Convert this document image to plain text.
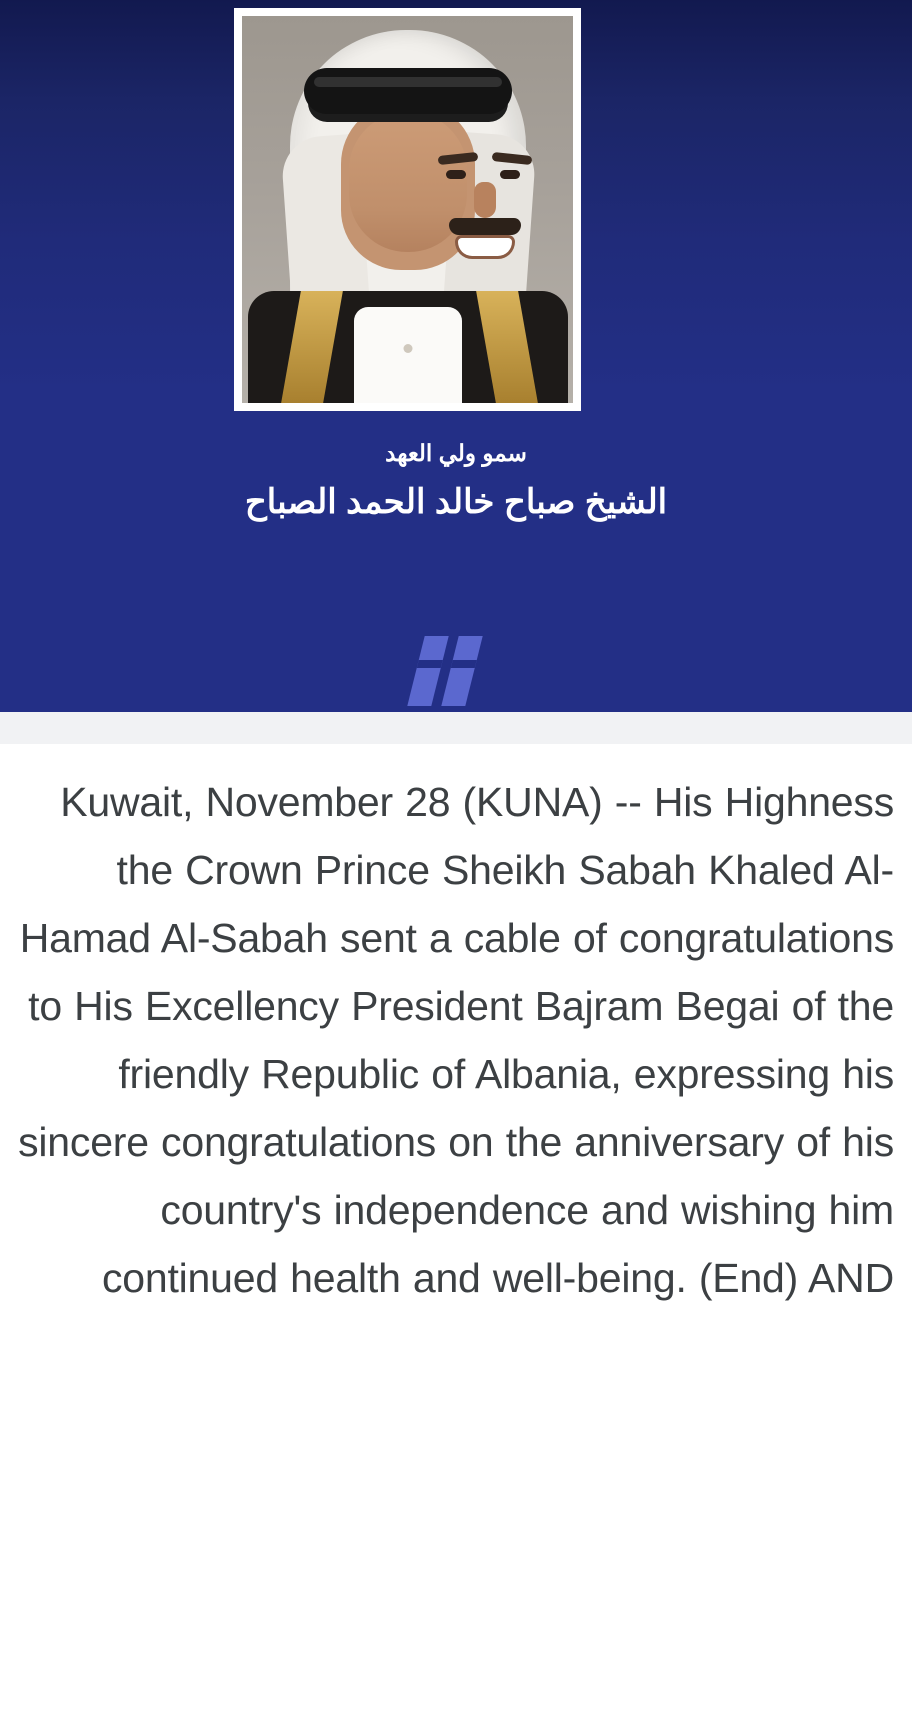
سمو ولي العهد
الشيخ صباح خالد الحمد الصباح

Kuwait, November 28 (KUNA) -- His Highness the Crown Prince Sheikh Sabah Khaled Al-Hamad Al-Sabah sent a cable of congratulations to His Excellency President Bajram Begai of the friendly Republic of Albania, expressing his sincere congratulations on the anniversary of his country's independence and wishing him continued health and well-being. (End) AND
